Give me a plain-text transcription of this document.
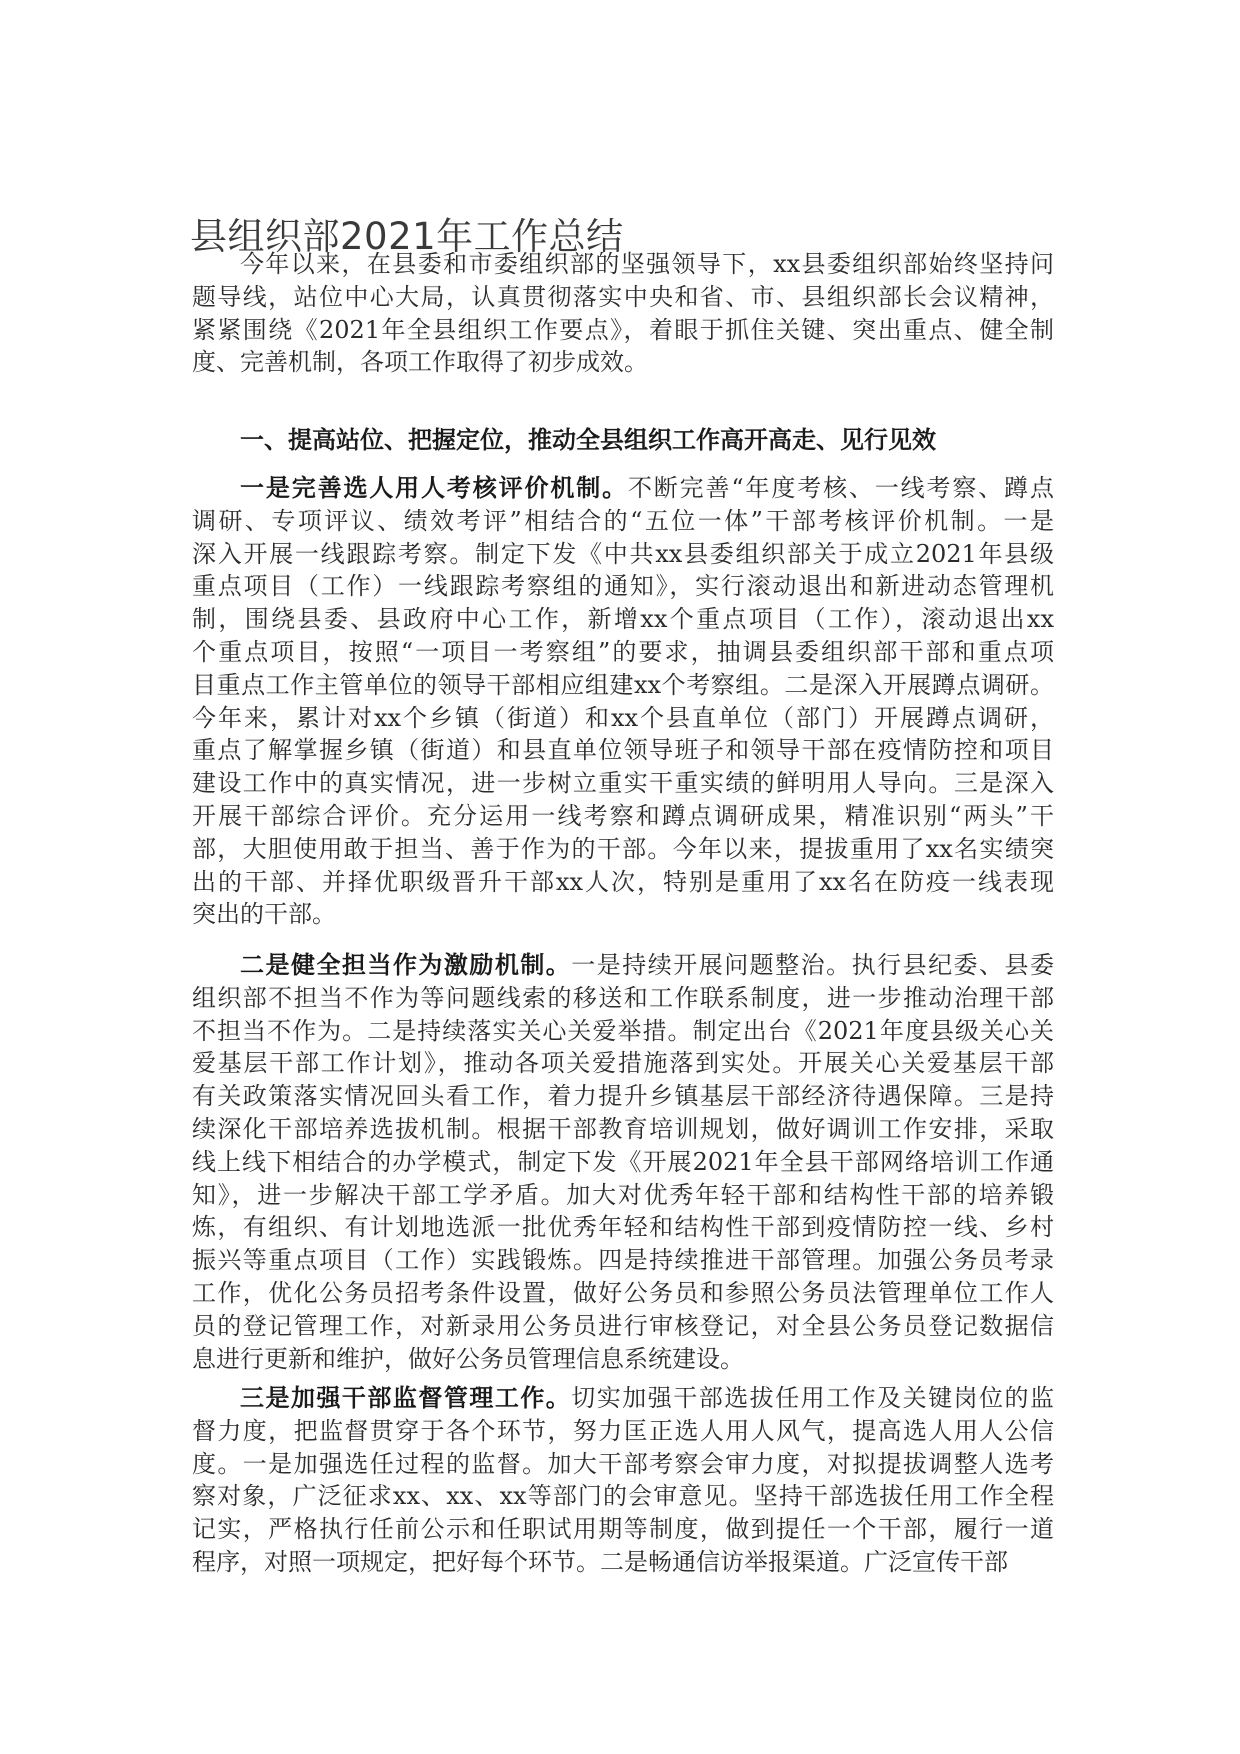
县组织部2021年工作总结
今年以来，在县委和市委组织部的坚强领导下，xx县委组织部始终坚持问
题导线，站位中心大局，认真贯彻落实中央和省、市、县组织部长会议精神，
紧紧围绕《2021年全县组织工作要点》，着眼于抓住关键、突出重点、健全制
度、完善机制，各项工作取得了初步成效。
一、提高站位、把握定位，推动全县组织工作高开高走、见行见效
一是完善选人用人考核评价机制。不断完善“年度考核、一线考察、蹲点
调研、专项评议、绩效考评”相结合的“五位一体”干部考核评价机制。一是
深入开展一线跟踪考察。制定下发《中共xx县委组织部关于成立2021年县级
重点项目（工作）一线跟踪考察组的通知》，实行滚动退出和新进动态管理机
制，围绕县委、县政府中心工作，新增xx个重点项目（工作），滚动退出xx
个重点项目，按照“一项目一考察组”的要求，抽调县委组织部干部和重点项
目重点工作主管单位的领导干部相应组建xx个考察组。二是深入开展蹲点调研。
今年来，累计对xx个乡镇（街道）和xx个县直单位（部门）开展蹲点调研，
重点了解掌握乡镇（街道）和县直单位领导班子和领导干部在疫情防控和项目
建设工作中的真实情况，进一步树立重实干重实绩的鲜明用人导向。三是深入
开展干部综合评价。充分运用一线考察和蹲点调研成果，精准识别“两头”干
部，大胆使用敢于担当、善于作为的干部。今年以来，提拔重用了xx名实绩突
出的干部、并择优职级晋升干部xx人次，特别是重用了xx名在防疫一线表现
突出的干部。
二是健全担当作为激励机制。一是持续开展问题整治。执行县纪委、县委
组织部不担当不作为等问题线索的移送和工作联系制度，进一步推动治理干部
不担当不作为。二是持续落实关心关爱举措。制定出台《2021年度县级关心关
爱基层干部工作计划》，推动各项关爱措施落到实处。开展关心关爱基层干部
有关政策落实情况回头看工作，着力提升乡镇基层干部经济待遇保障。三是持
续深化干部培养选拔机制。根据干部教育培训规划，做好调训工作安排，采取
线上线下相结合的办学模式，制定下发《开展2021年全县干部网络培训工作通
知》，进一步解决干部工学矛盾。加大对优秀年轻干部和结构性干部的培养锻
炼，有组织、有计划地选派一批优秀年轻和结构性干部到疫情防控一线、乡村
振兴等重点项目（工作）实践锻炼。四是持续推进干部管理。加强公务员考录
工作，优化公务员招考条件设置，做好公务员和参照公务员法管理单位工作人
员的登记管理工作，对新录用公务员进行审核登记，对全县公务员登记数据信
息进行更新和维护，做好公务员管理信息系统建设。
三是加强干部监督管理工作。切实加强干部选拔任用工作及关键岗位的监
督力度，把监督贯穿于各个环节，努力匡正选人用人风气，提高选人用人公信
度。一是加强选任过程的监督。加大干部考察会审力度，对拟提拔调整人选考
察对象，广泛征求xx、xx、xx等部门的会审意见。坚持干部选拔任用工作全程
记实，严格执行任前公示和任职试用期等制度，做到提任一个干部，履行一道
程序，对照一项规定，把好每个环节。二是畅通信访举报渠道。广泛宣传干部
